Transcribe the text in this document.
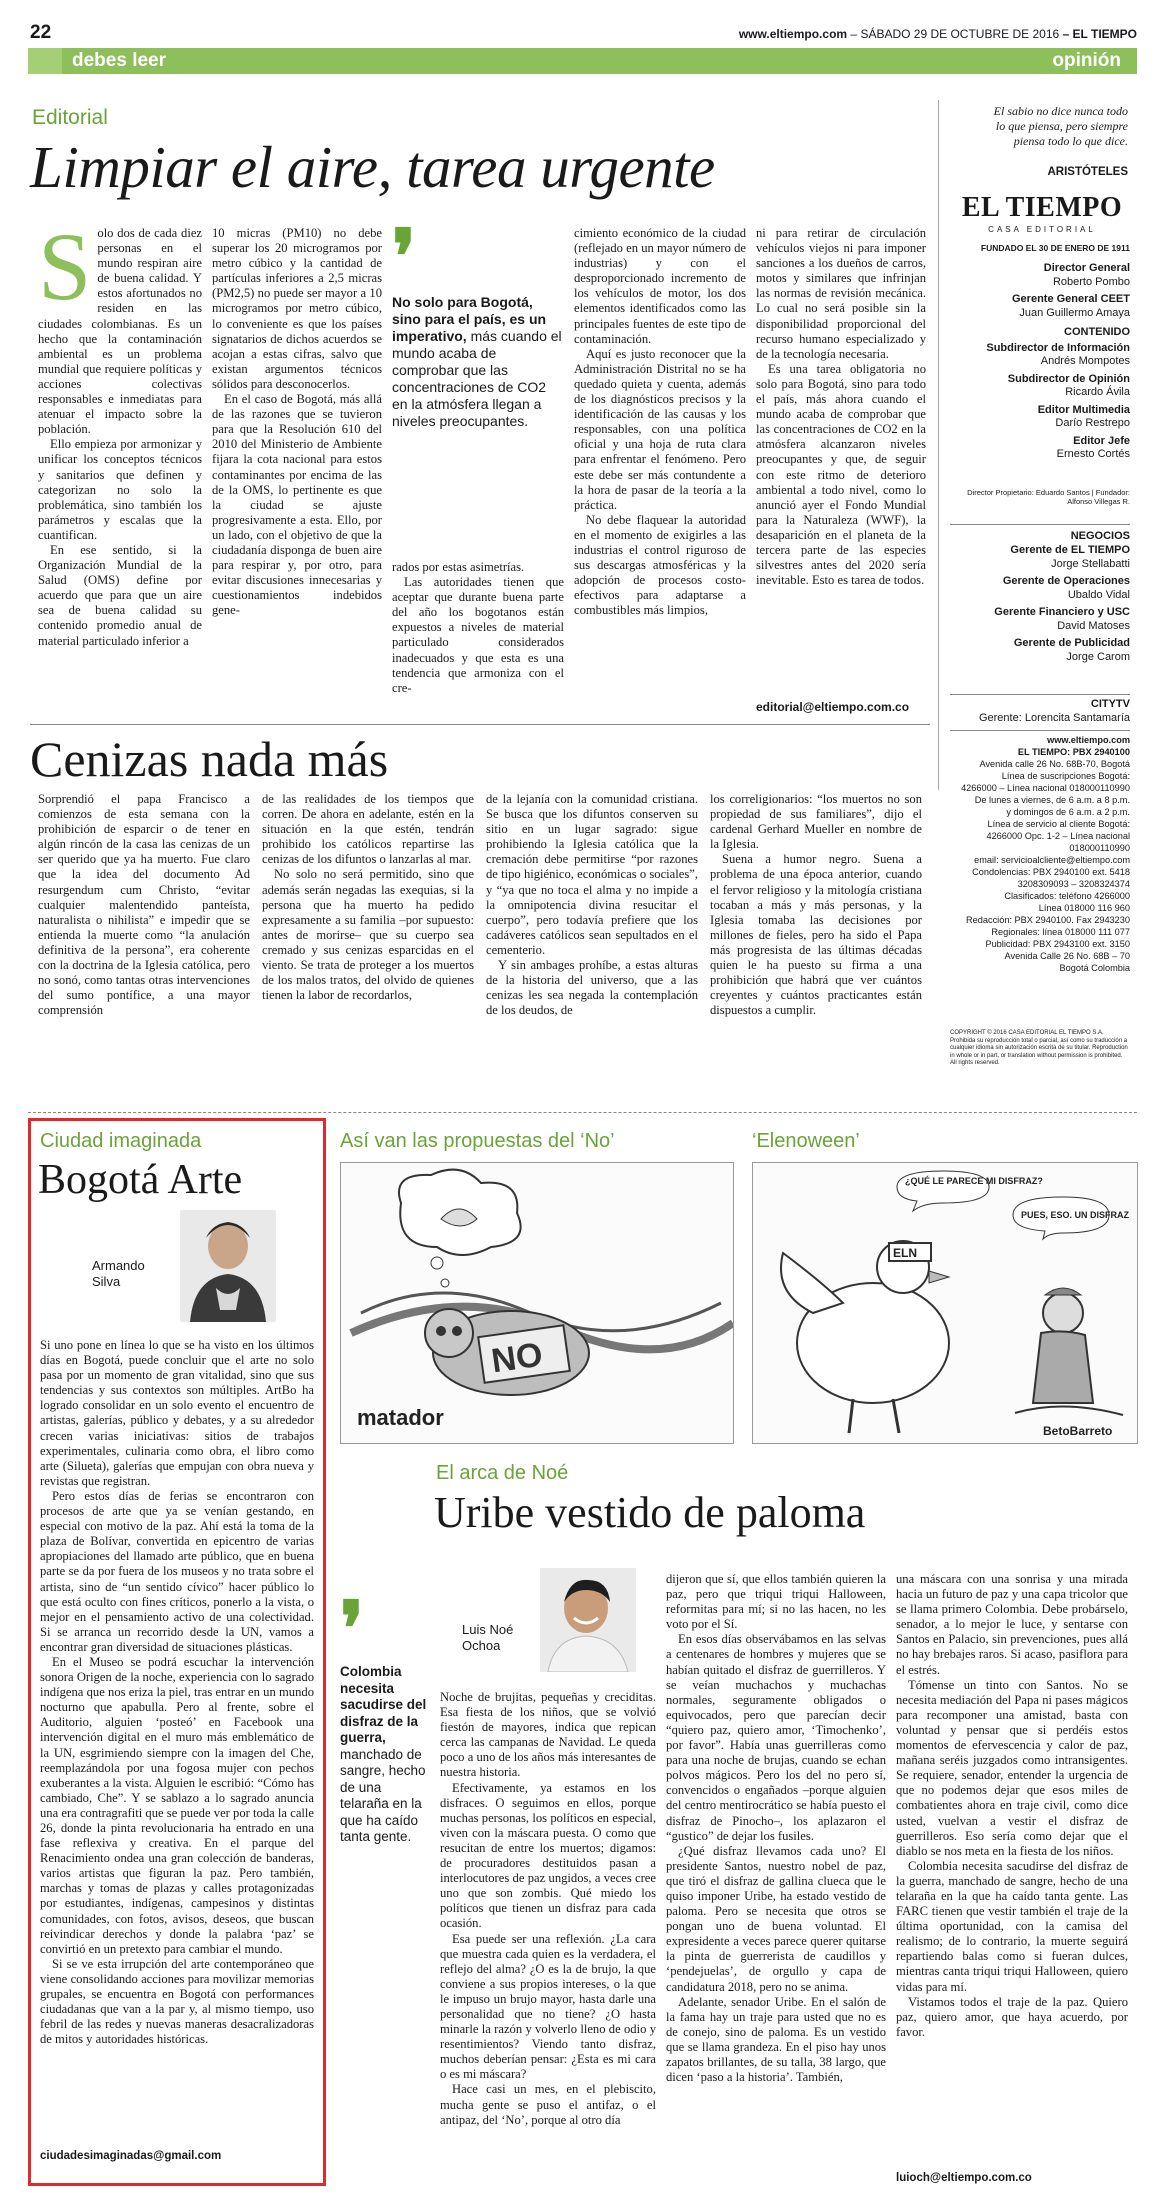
22	www.eltiempo.com – SÁBADO 29 DE OCTUBRE DE 2016 – EL TIEMPO
debes leer	opinión
Editorial
Limpiar el aire, tarea urgente
S olo dos de cada diez personas en el mundo respiran aire de buena calidad. Y estos afortunados no residen en las ciudades colombianas. Es un hecho que la contaminación ambiental es un problema mundial que requiere políticas y acciones colectivas responsables e inmediatas para atenuar el impacto sobre la población.

Ello empieza por armonizar y unificar los conceptos técnicos y sanitarios que definen y categorizan no solo la problemática, sino también los parámetros y escalas que la cuantifican.

En ese sentido, si la Organización Mundial de la Salud (OMS) define por acuerdo que para que un aire sea de buena calidad su contenido promedio anual de material particulado inferior a

10 micras (PM10) no debe superar los 20 microgramos por metro cúbico y la cantidad de partículas inferiores a 2,5 micras (PM2,5) no puede ser mayor a 10 microgramos por metro cúbico, lo conveniente es que los países signatarios de dichos acuerdos se acojan a estas cifras, salvo que existan argumentos técnicos sólidos para desconocerlos.

En el caso de Bogotá, más allá de las razones que se tuvieron para que la Resolución 610 del 2010 del Ministerio de Ambiente fijara la cota nacional para estos contaminantes por encima de las de la OMS, lo pertinente es que la ciudad se ajuste progresivamente a esta. Ello, por un lado, con el objetivo de que la ciudadanía disponga de buen aire para respirar y, por otro, para evitar discusiones innecesarias y cuestionamientos indebidos gene-

❜
No solo para Bogotá, sino para el país, es un imperativo, más cuando el mundo acaba de comprobar que las concentraciones de CO2 en la atmósfera llegan a niveles preocupantes.
rados por estas asimetrías.

Las autoridades tienen que aceptar que durante buena parte del año los bogotanos están expuestos a niveles de material particulado considerados inadecuados y que esta es una tendencia que armoniza con el cre-

cimiento económico de la ciudad (reflejado en un mayor número de industrias) y con el desproporcionado incremento de los vehículos de motor, los dos elementos identificados como las principales fuentes de este tipo de contaminación.

Aquí es justo reconocer que la Administración Distrital no se ha quedado quieta y cuenta, además de los diagnósticos precisos y la identificación de las causas y los responsables, con una política oficial y una hoja de ruta clara para enfrentar el fenómeno. Pero este debe ser más contundente a la hora de pasar de la teoría a la práctica.

No debe flaquear la autoridad en el momento de exigirles a las industrias el control riguroso de sus descargas atmosféricas y la adopción de procesos costo-efectivos para adaptarse a combustibles más limpios,

ni para retirar de circulación vehículos viejos ni para imponer sanciones a los dueños de carros, motos y similares que infrinjan las normas de revisión mecánica. Lo cual no será posible sin la disponibilidad proporcional del recurso humano especializado y de la tecnología necesaria.

Es una tarea obligatoria no solo para Bogotá, sino para todo el país, más ahora cuando el mundo acaba de comprobar que las concentraciones de CO2 en la atmósfera alcanzaron niveles preocupantes y que, de seguir con este ritmo de deterioro ambiental a todo nivel, como lo anunció ayer el Fondo Mundial para la Naturaleza (WWF), la desaparición en el planeta de la tercera parte de las especies silvestres antes del 2020 sería inevitable. Esto es tarea de todos.

editorial@eltiempo.com.co
El sabio no dice nunca todo lo que piensa, pero siempre piensa todo lo que dice.
ARISTÓTELES
EL TIEMPO
CASA EDITORIAL
FUNDADO EL 30 DE ENERO DE 1911
Director General
Roberto Pombo
Gerente General CEET
Juan Guillermo Amaya
CONTENIDO
Subdirector de Información
Andrés Mompotes
Subdirector de Opinión
Ricardo Ávila
Editor Multimedia
Darío Restrepo
Editor Jefe
Ernesto Cortés
Director Propietario: Eduardo Santos | Fundador: Alfonso Villegas R.
NEGOCIOS
Gerente de EL TIEMPO
Jorge Stellabatti
Gerente de Operaciones
Ubaldo Vidal
Gerente Financiero y USC
David Matoses
Gerente de Publicidad
Jorge Carom
CITYTV
Gerente: Lorencita Santamaría
www.eltiempo.com
EL TIEMPO: PBX 2940100
Avenida calle 26 No. 68B-70, Bogotá
Línea de suscripciones Bogotá:
4266000 – Línea nacional 018000110990
De lunes a viernes, de 6 a.m. a 8 p.m.
y domingos de 6 a.m. a 2 p.m.
Línea de servicio al cliente Bogotá:
4266000 Opc. 1-2 – Línea nacional 018000110990
email: servicioalcliente@eltiempo.com
Condolencias: PBX 2940100 ext. 5418
3208309093 – 3208324374
Clasificados: teléfono 4266000
Línea 018000 116 960
Redacción: PBX 2940100. Fax 2943230
Regionales: línea 018000 111 077
Publicidad: PBX 2943100 ext. 3150
Avenida Calle 26 No. 68B – 70
Bogotá Colombia
COPYRIGHT © 2016 CASA EDITORIAL EL TIEMPO S.A. Prohibida su reproducción total o parcial, así como su traducción a cualquier idioma sin autorización escrita de su titular. Reproduction in whole or in part, or translation without permission is prohibited. All rights reserved.
Cenizas nada más
Sorprendió el papa Francisco a comienzos de esta semana con la prohibición de esparcir o de tener en algún rincón de la casa las cenizas de un ser querido que ya ha muerto. Fue claro que la idea del documento Ad resurgendum cum Christo, “evitar cualquier malentendido panteísta, naturalista o nihilista” e impedir que se entienda la muerte como “la anulación definitiva de la persona”, era coherente con la doctrina de la Iglesia católica, pero no sonó, como tantas otras intervenciones del sumo pontífice, a una mayor comprensión
de las realidades de los tiempos que corren. De ahora en adelante, estén en la situación en la que estén, tendrán prohibido los católicos repartirse las cenizas de los difuntos o lanzarlas al mar.

No solo no será permitido, sino que además serán negadas las exequias, si la persona que ha muerto ha pedido expresamente a su familia –por supuesto: antes de morirse– que su cuerpo sea cremado y sus cenizas esparcidas en el viento. Se trata de proteger a los muertos de los malos tratos, del olvido de quienes tienen la labor de recordarlos,

de la lejanía con la comunidad cristiana. Se busca que los difuntos conserven su sitio en un lugar sagrado: sigue prohibiendo la Iglesia católica que la cremación debe permitirse “por razones de tipo higiénico, económicas o sociales”, y “ya que no toca el alma y no impide a la omnipotencia divina resucitar el cuerpo”, pero todavía prefiere que los cadáveres católicos sean sepultados en el cementerio.

Y sin ambages prohíbe, a estas alturas de la historia del universo, que a las cenizas les sea negada la contemplación de los deudos, de

los correligionarios: “los muertos no son propiedad de sus familiares”, dijo el cardenal Gerhard Mueller en nombre de la Iglesia.

Suena a humor negro. Suena a problema de una época anterior, cuando el fervor religioso y la mitología cristiana tocaban a más y más personas, y la Iglesia tomaba las decisiones por millones de fieles, pero ha sido el Papa más progresista de las últimas décadas quien le ha puesto su firma a una prohibición que habrá que ver cuántos creyentes y cuántos practicantes están dispuestos a cumplir.

Ciudad imaginada
Bogotá Arte
Armando Silva
Si uno pone en línea lo que se ha visto en los últimos días en Bogotá, puede concluir que el arte no solo pasa por un momento de gran vitalidad, sino que sus tendencias y sus contextos son múltiples. ArtBo ha logrado consolidar en un solo evento el encuentro de artistas, galerías, público y debates, y a su alrededor crecen varias iniciativas: sitios de trabajos experimentales, culinaria como obra, el libro como arte (Silueta), galerías que empujan con obra nueva y revistas que registran.

Pero estos días de ferias se encontraron con procesos de arte que ya se venían gestando, en especial con motivo de la paz. Ahí está la toma de la plaza de Bolívar, convertida en epicentro de varias apropiaciones del llamado arte público, que en buena parte se da por fuera de los museos y no trata sobre el artista, sino de “un sentido cívico” hacer público lo que está oculto con fines críticos, ponerlo a la vista, o mejor en el pensamiento activo de una colectividad. Si se arranca un recorrido desde la UN, vamos a encontrar gran diversidad de situaciones plásticas.

En el Museo se podrá escuchar la intervención sonora Origen de la noche, experiencia con lo sagrado indígena que nos eriza la piel, tras entrar en un mundo nocturno que apabulla. Pero al frente, sobre el Auditorio, alguien ‘posteó’ en Facebook una intervención digital en el muro más emblemático de la UN, esgrimiendo siempre con la imagen del Che, reemplazándola por una fogosa mujer con pechos exuberantes a la vista. Alguien le escribió: “Cómo has cambiado, Che”. Y se sablazo a lo sagrado anuncia una era contragrafiti que se puede ver por toda la calle 26, donde la pinta revolucionaria ha entrado en una fase reflexiva y creativa. En el parque del Renacimiento ondea una gran colección de banderas, varios artistas que figuran la paz. Pero también, marchas y tomas de plazas y calles protagonizadas por estudiantes, indígenas, campesinos y distintas comunidades, con fotos, avisos, deseos, que buscan reivindicar derechos y donde la palabra ‘paz’ se convirtió en un pretexto para cambiar el mundo.

Si se ve esta irrupción del arte contemporáneo que viene consolidando acciones para movilizar memorias grupales, se encuentra en Bogotá con performances ciudadanas que van a la par y, al mismo tiempo, uso febril de las redes y nuevas maneras desacralizadoras de mitos y autoridades históricas.

ciudadesimaginadas@gmail.com
Así van las propuestas del ‘No’
NO
matador
‘Elenoween’
ELN
¿QUÉ LE PARECE MI DISFRAZ?
PUES, ESO. UN DISFRAZ
BetoBarreto
El arca de Noé
Uribe vestido de paloma
❜
Colombia necesita sacudirse del disfraz de la guerra, manchado de sangre, hecho de una telaraña en la que ha caído tanta gente.
Luis Noé Ochoa
Noche de brujitas, pequeñas y creciditas. Esa fiesta de los niños, que se volvió fiestón de mayores, indica que repican cerca las campanas de Navidad. Le queda poco a uno de los años más interesantes de nuestra historia.

Efectivamente, ya estamos en los disfraces. O seguimos en ellos, porque muchas personas, los políticos en especial, viven con la máscara puesta. O como que resucitan de entre los muertos; digamos: de procuradores destituidos pasan a interlocutores de paz ungidos, a veces cree uno que son zombis. Qué miedo los políticos que tienen un disfraz para cada ocasión.

Esa puede ser una reflexión. ¿La cara que muestra cada quien es la verdadera, el reflejo del alma? ¿O es la de brujo, la que conviene a sus propios intereses, o la que le impuso un brujo mayor, hasta darle una personalidad que no tiene? ¿O hasta minarle la razón y volverlo lleno de odio y resentimientos? Viendo tanto disfraz, muchos deberían pensar: ¿Esta es mi cara o es mi máscara?

Hace casi un mes, en el plebiscito, mucha gente se puso el antifaz, o el antipaz, del ‘No’, porque al otro día

dijeron que sí, que ellos también quieren la paz, pero que triqui triqui Halloween, reformitas para mí; si no las hacen, no les voto por el Sí.

En esos días observábamos en las selvas a centenares de hombres y mujeres que se habían quitado el disfraz de guerrilleros. Y se veían muchachos y muchachas normales, seguramente obligados o equivocados, pero que parecían decir “quiero paz, quiero amor, ‘Timochenko’, por favor”. Había unas guerrilleras como para una noche de brujas, cuando se echan polvos mágicos. Pero los del no pero sí, convencidos o engañados –porque alguien del centro mentirocrático se había puesto el disfraz de Pinocho–, los aplazaron el “gustico” de dejar los fusiles.

¿Qué disfraz llevamos cada uno? El presidente Santos, nuestro nobel de paz, que tiró el disfraz de gallina clueca que le quiso imponer Uribe, ha estado vestido de paloma. Pero se necesita que otros se pongan uno de buena voluntad. El expresidente a veces parece querer quitarse la pinta de guerrerista de caudillos y ‘pendejuelas’, de orgullo y capa de candidatura 2018, pero no se anima.

Adelante, senador Uribe. En el salón de la fama hay un traje para usted que no es de conejo, sino de paloma. Es un vestido que se llama grandeza. En el piso hay unos zapatos brillantes, de su talla, 38 largo, que dicen ‘paso a la historia’. También,

una máscara con una sonrisa y una mirada hacia un futuro de paz y una capa tricolor que se llama primero Colombia. Debe probárselo, senador, a lo mejor le luce, y sentarse con Santos en Palacio, sin prevenciones, pues allá no hay brebajes raros. Si acaso, pasiflora para el estrés.

Tómense un tinto con Santos. No se necesita mediación del Papa ni pases mágicos para recomponer una amistad, basta con voluntad y pensar que si perdéis estos momentos de efervescencia y calor de paz, mañana seréis juzgados como intransigentes. Se requiere, senador, entender la urgencia de que no podemos dejar que esos miles de combatientes ahora en traje civil, como dice usted, vuelvan a vestir el disfraz de guerrilleros. Eso sería como dejar que el diablo se nos meta en la fiesta de los niños.

Colombia necesita sacudirse del disfraz de la guerra, manchado de sangre, hecho de una telaraña en la que ha caído tanta gente. Las FARC tienen que vestir también el traje de la última oportunidad, con la camisa del realismo; de lo contrario, la muerte seguirá repartiendo balas como si fueran dulces, mientras canta triqui triqui Halloween, quiero vidas para mí.

Vistamos todos el traje de la paz. Quiero paz, quiero amor, que haya acuerdo, por favor.

luioch@eltiempo.com.co
